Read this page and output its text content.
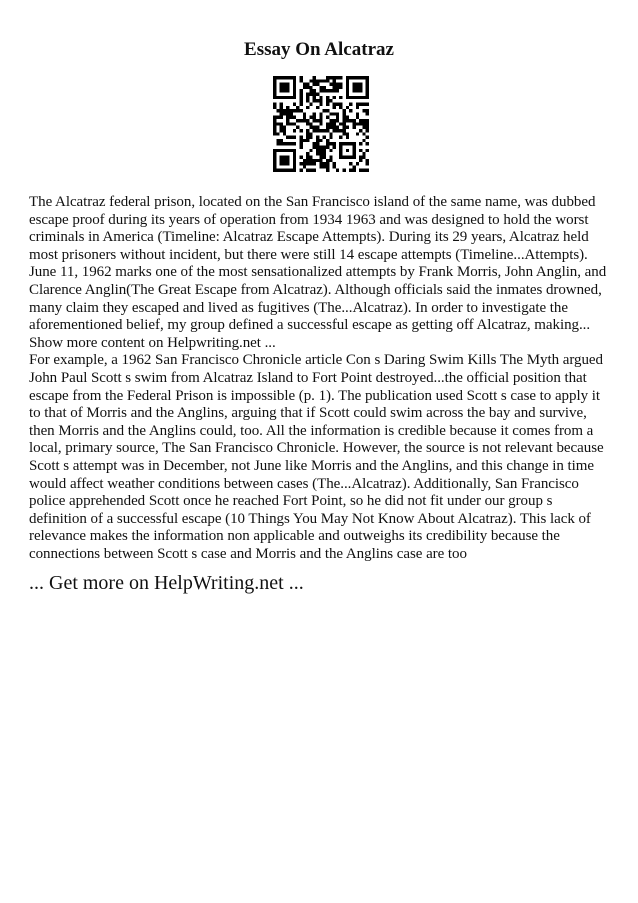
Essay On Alcatraz

The Alcatraz federal prison, located on the San Francisco island of the same name, was dubbed escape proof during its years of operation from 1934 1963 and was designed to hold the worst criminals in America (Timeline: Alcatraz Escape Attempts). During its 29 years, Alcatraz held most prisoners without incident, but there were still 14 escape attempts (Timeline...Attempts). June 11, 1962 marks one of the most sensationalized attempts by Frank Morris, John Anglin, and Clarence Anglin(The Great Escape from Alcatraz). Although officials said the inmates drowned, many claim they escaped and lived as fugitives (The...Alcatraz). In order to investigate the aforementioned belief, my group defined a successful escape as getting off Alcatraz, making... Show more content on Helpwriting.net ...

For example, a 1962 San Francisco Chronicle article Con s Daring Swim Kills The Myth argued John Paul Scott s swim from Alcatraz Island to Fort Point destroyed...the official position that escape from the Federal Prison is impossible (p. 1). The publication used Scott s case to apply it to that of Morris and the Anglins, arguing that if Scott could swim across the bay and survive, then Morris and the Anglins could, too. All the information is credible because it comes from a local, primary source, The San Francisco Chronicle. However, the source is not relevant because Scott s attempt was in December, not June like Morris and the Anglins, and this change in time would affect weather conditions between cases (The...Alcatraz). Additionally, San Francisco police apprehended Scott once he reached Fort Point, so he did not fit under our group s definition of a successful escape (10 Things You May Not Know About Alcatraz). This lack of relevance makes the information non applicable and outweighs its credibility because the connections between Scott s case and Morris and the Anglins case are too

... Get more on HelpWriting.net ...
